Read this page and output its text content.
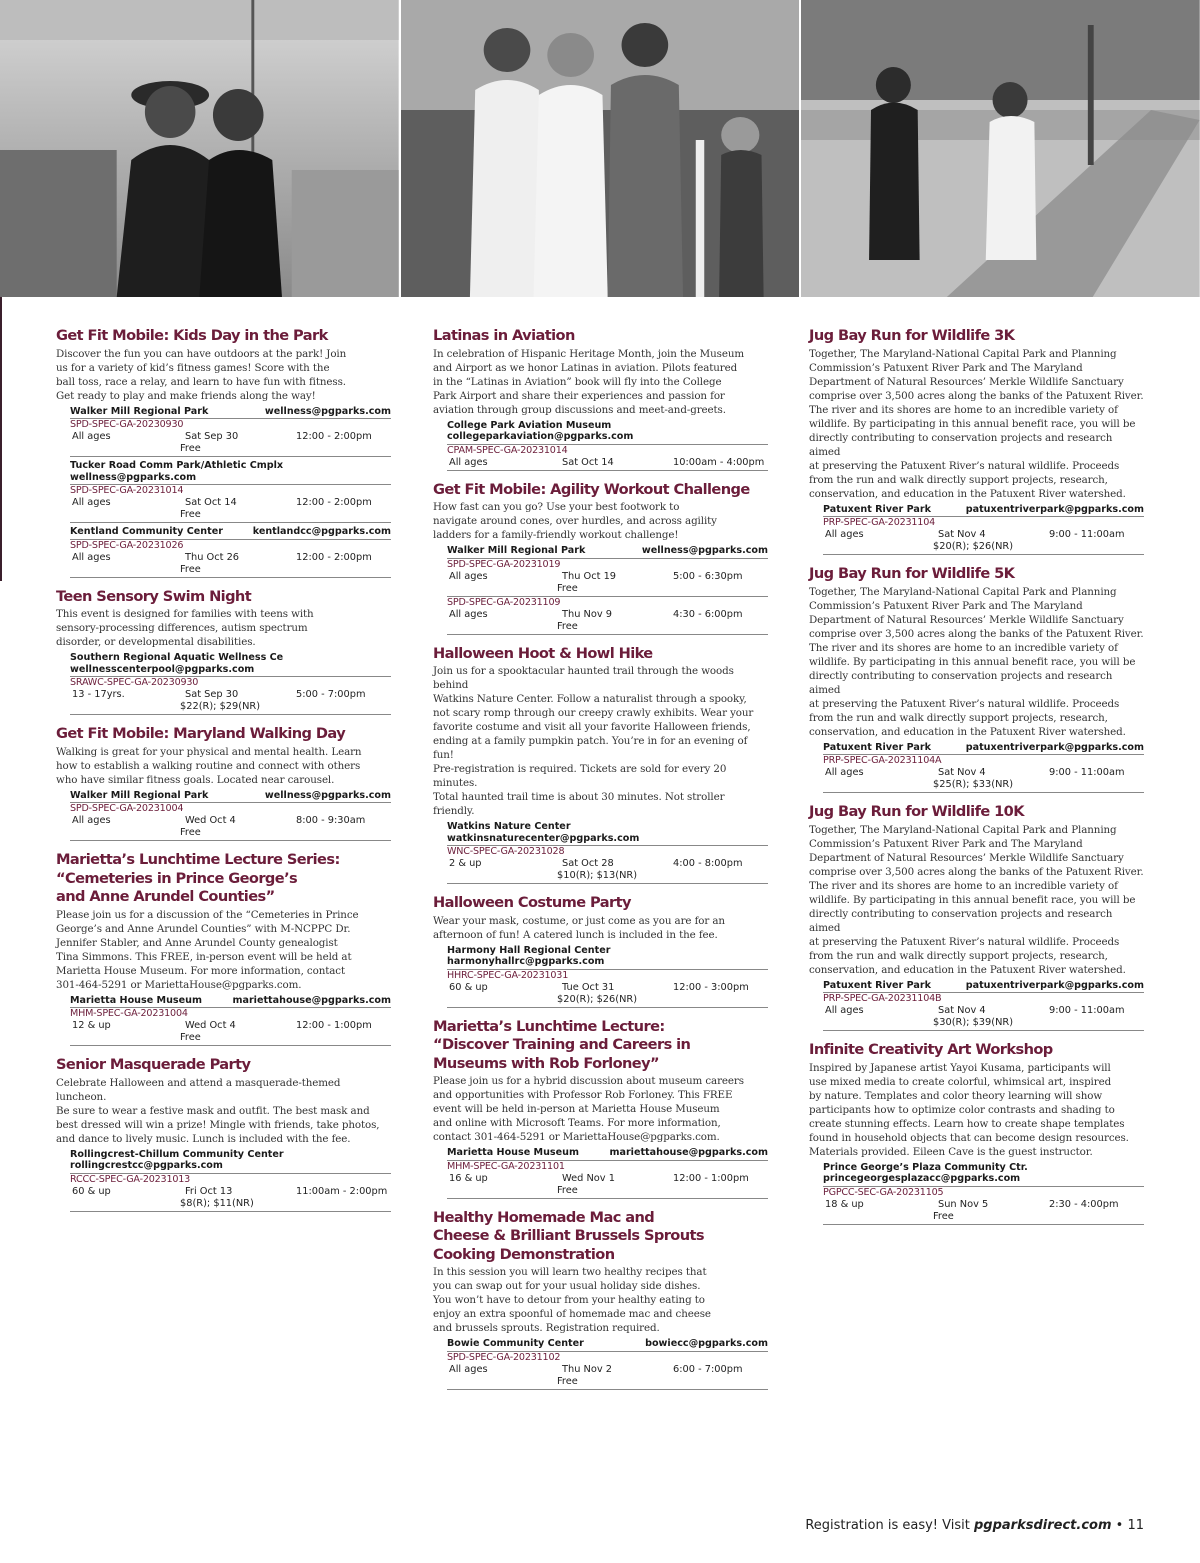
Get Fit Mobile: Kids Day in the Park
Discover the fun you can have outdoors at the park! Join
us for a variety of kid’s fitness games! Score with the
ball toss, race a relay, and learn to have fun with fitness.
Get ready to play and make friends along the way!
Walker Mill Regional Park	wellness@pgparks.com
SPD-SPEC-GA-20230930
All ages	Sat Sep 30	12:00 - 2:00pm
Free
Tucker Road Comm Park/Athletic Cmplx
wellness@pgparks.com
SPD-SPEC-GA-20231014
All ages	Sat Oct 14	12:00 - 2:00pm
Free
Kentland Community Center	kentlandcc@pgparks.com
SPD-SPEC-GA-20231026
All ages	Thu Oct 26	12:00 - 2:00pm
Free
Teen Sensory Swim Night
This event is designed for families with teens with
sensory-processing differences, autism spectrum
disorder, or developmental disabilities.
Southern Regional Aquatic Wellness Ce
wellnesscenterpool@pgparks.com
SRAWC-SPEC-GA-20230930
13 - 17yrs.	Sat Sep 30	5:00 - 7:00pm
$22(R); $29(NR)
Get Fit Mobile: Maryland Walking Day
Walking is great for your physical and mental health. Learn
how to establish a walking routine and connect with others
who have similar fitness goals. Located near carousel.
Walker Mill Regional Park	wellness@pgparks.com
SPD-SPEC-GA-20231004
All ages	Wed Oct 4	8:00 - 9:30am
Free
Marietta’s Lunchtime Lecture Series:
“Cemeteries in Prince George’s
and Anne Arundel Counties”
Please join us for a discussion of the “Cemeteries in Prince
George’s and Anne Arundel Counties” with M-NCPPC Dr.
Jennifer Stabler, and Anne Arundel County genealogist
Tina Simmons. This FREE, in-person event will be held at
Marietta House Museum. For more information, contact
301-464-5291 or MariettaHouse@pgparks.com.
Marietta House Museum	mariettahouse@pgparks.com
MHM-SPEC-GA-20231004
12 & up	Wed Oct 4	12:00 - 1:00pm
Free
Senior Masquerade Party
Celebrate Halloween and attend a masquerade-themed luncheon.
Be sure to wear a festive mask and outfit. The best mask and
best dressed will win a prize! Mingle with friends, take photos,
and dance to lively music. Lunch is included with the fee.
Rollingcrest-Chillum Community Center
rollingcrestcc@pgparks.com
RCCC-SPEC-GA-20231013
60 & up	Fri Oct 13	11:00am - 2:00pm
$8(R); $11(NR)
Latinas in Aviation
In celebration of Hispanic Heritage Month, join the Museum
and Airport as we honor Latinas in aviation. Pilots featured
in the “Latinas in Aviation” book will fly into the College
Park Airport and share their experiences and passion for
aviation through group discussions and meet-and-greets.
College Park Aviation Museum
collegeparkaviation@pgparks.com
CPAM-SPEC-GA-20231014
All ages	Sat Oct 14	10:00am - 4:00pm
Get Fit Mobile: Agility Workout Challenge
How fast can you go? Use your best footwork to
navigate around cones, over hurdles, and across agility
ladders for a family-friendly workout challenge!
Walker Mill Regional Park	wellness@pgparks.com
SPD-SPEC-GA-20231019
All ages	Thu Oct 19	5:00 - 6:30pm
Free
SPD-SPEC-GA-20231109
All ages	Thu Nov 9	4:30 - 6:00pm
Free
Halloween Hoot & Howl Hike
Join us for a spooktacular haunted trail through the woods behind
Watkins Nature Center. Follow a naturalist through a spooky,
not scary romp through our creepy crawly exhibits. Wear your
favorite costume and visit all your favorite Halloween friends,
ending at a family pumpkin patch. You’re in for an evening of fun!
Pre-registration is required. Tickets are sold for every 20 minutes.
Total haunted trail time is about 30 minutes. Not stroller friendly.
Watkins Nature Center
watkinsnaturecenter@pgparks.com
WNC-SPEC-GA-20231028
2 & up	Sat Oct 28	4:00 - 8:00pm
$10(R); $13(NR)
Halloween Costume Party
Wear your mask, costume, or just come as you are for an
afternoon of fun! A catered lunch is included in the fee.
Harmony Hall Regional Center
harmonyhallrc@pgparks.com
HHRC-SPEC-GA-20231031
60 & up	Tue Oct 31	12:00 - 3:00pm
$20(R); $26(NR)
Marietta’s Lunchtime Lecture:
“Discover Training and Careers in
Museums with Rob Forloney”
Please join us for a hybrid discussion about museum careers
and opportunities with Professor Rob Forloney. This FREE
event will be held in-person at Marietta House Museum
and online with Microsoft Teams. For more information,
contact 301-464-5291 or MariettaHouse@pgparks.com.
Marietta House Museum	mariettahouse@pgparks.com
MHM-SPEC-GA-20231101
16 & up	Wed Nov 1	12:00 - 1:00pm
Free
Healthy Homemade Mac and
Cheese & Brilliant Brussels Sprouts
Cooking Demonstration
In this session you will learn two healthy recipes that
you can swap out for your usual holiday side dishes.
You won’t have to detour from your healthy eating to
enjoy an extra spoonful of homemade mac and cheese
and brussels sprouts. Registration required.
Bowie Community Center	bowiecc@pgparks.com
SPD-SPEC-GA-20231102
All ages	Thu Nov 2	6:00 - 7:00pm
Free
Jug Bay Run for Wildlife 3K
Together, The Maryland-National Capital Park and Planning
Commission’s Patuxent River Park and The Maryland
Department of Natural Resources’ Merkle Wildlife Sanctuary
comprise over 3,500 acres along the banks of the Patuxent River.
The river and its shores are home to an incredible variety of
wildlife. By participating in this annual benefit race, you will be
directly contributing to conservation projects and research aimed
at preserving the Patuxent River’s natural wildlife. Proceeds
from the run and walk directly support projects, research,
conservation, and education in the Patuxent River watershed.
Patuxent River Park	patuxentriverpark@pgparks.com
PRP-SPEC-GA-20231104
All ages	Sat Nov 4	9:00 - 11:00am
$20(R); $26(NR)
Jug Bay Run for Wildlife 5K
Together, The Maryland-National Capital Park and Planning
Commission’s Patuxent River Park and The Maryland
Department of Natural Resources’ Merkle Wildlife Sanctuary
comprise over 3,500 acres along the banks of the Patuxent River.
The river and its shores are home to an incredible variety of
wildlife. By participating in this annual benefit race, you will be
directly contributing to conservation projects and research aimed
at preserving the Patuxent River’s natural wildlife. Proceeds
from the run and walk directly support projects, research,
conservation, and education in the Patuxent River watershed.
Patuxent River Park	patuxentriverpark@pgparks.com
PRP-SPEC-GA-20231104A
All ages	Sat Nov 4	9:00 - 11:00am
$25(R); $33(NR)
Jug Bay Run for Wildlife 10K
Together, The Maryland-National Capital Park and Planning
Commission’s Patuxent River Park and The Maryland
Department of Natural Resources’ Merkle Wildlife Sanctuary
comprise over 3,500 acres along the banks of the Patuxent River.
The river and its shores are home to an incredible variety of
wildlife. By participating in this annual benefit race, you will be
directly contributing to conservation projects and research aimed
at preserving the Patuxent River’s natural wildlife. Proceeds
from the run and walk directly support projects, research,
conservation, and education in the Patuxent River watershed.
Patuxent River Park	patuxentriverpark@pgparks.com
PRP-SPEC-GA-20231104B
All ages	Sat Nov 4	9:00 - 11:00am
$30(R); $39(NR)
Infinite Creativity Art Workshop
Inspired by Japanese artist Yayoi Kusama, participants will
use mixed media to create colorful, whimsical art, inspired
by nature. Templates and color theory learning will show
participants how to optimize color contrasts and shading to
create stunning effects. Learn how to create shape templates
found in household objects that can become design resources.
Materials provided. Eileen Cave is the guest instructor.
Prince George’s Plaza Community Ctr.
princegeorgesplazacc@pgparks.com
PGPCC-SEC-GA-20231105
18 & up	Sun Nov 5	2:30 - 4:00pm
Free
Registration is easy! Visit pgparksdirect.com • 11
